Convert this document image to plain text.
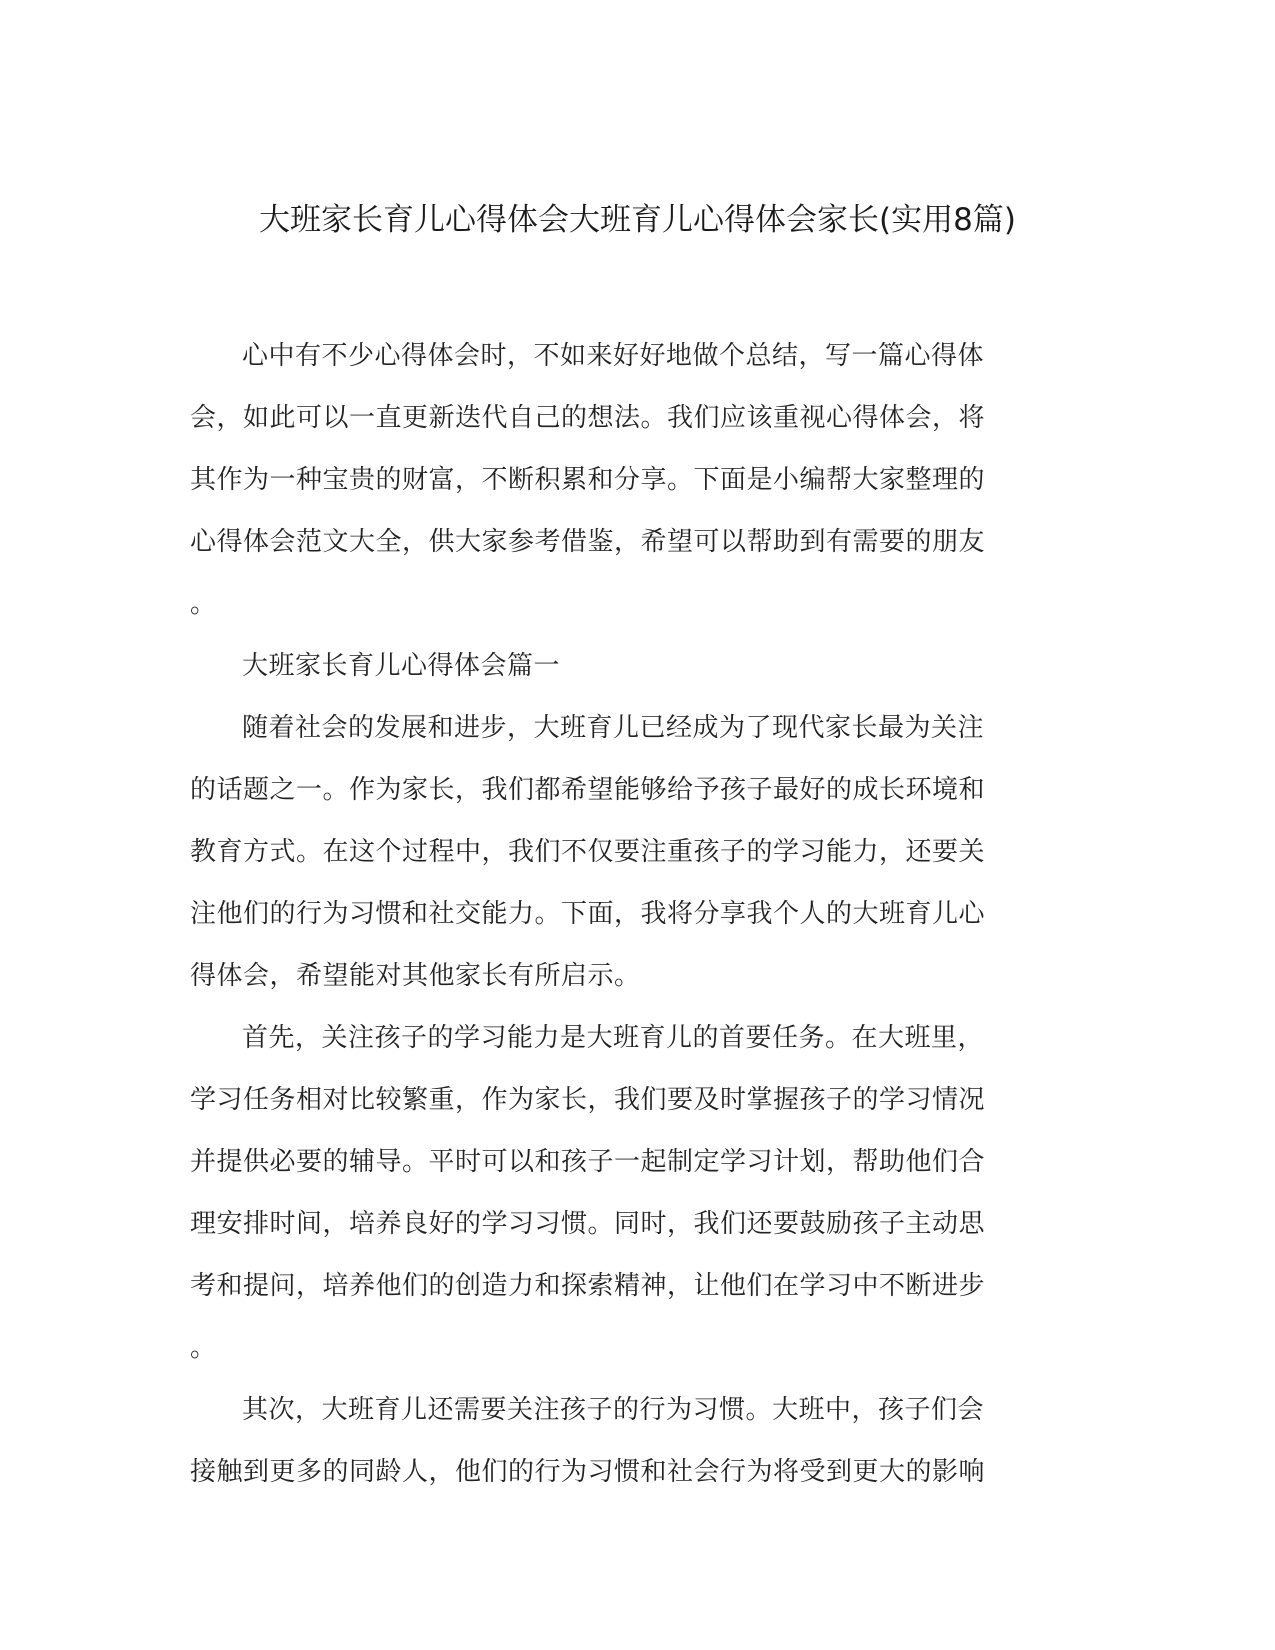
大班家长育儿心得体会大班育儿心得体会家长(实用8篇)

心中有不少心得体会时，不如来好好地做个总结，写一篇心得体
会，如此可以一直更新迭代自己的想法。我们应该重视心得体会，将
其作为一种宝贵的财富，不断积累和分享。下面是小编帮大家整理的
心得体会范文大全，供大家参考借鉴，希望可以帮助到有需要的朋友
。

大班家长育儿心得体会篇一

随着社会的发展和进步，大班育儿已经成为了现代家长最为关注
的话题之一。作为家长，我们都希望能够给予孩子最好的成长环境和
教育方式。在这个过程中，我们不仅要注重孩子的学习能力，还要关
注他们的行为习惯和社交能力。下面，我将分享我个人的大班育儿心
得体会，希望能对其他家长有所启示。

首先，关注孩子的学习能力是大班育儿的首要任务。在大班里，
学习任务相对比较繁重，作为家长，我们要及时掌握孩子的学习情况
并提供必要的辅导。平时可以和孩子一起制定学习计划，帮助他们合
理安排时间，培养良好的学习习惯。同时，我们还要鼓励孩子主动思
考和提问，培养他们的创造力和探索精神，让他们在学习中不断进步
。

其次，大班育儿还需要关注孩子的行为习惯。大班中，孩子们会
接触到更多的同龄人，他们的行为习惯和社会行为将受到更大的影响
